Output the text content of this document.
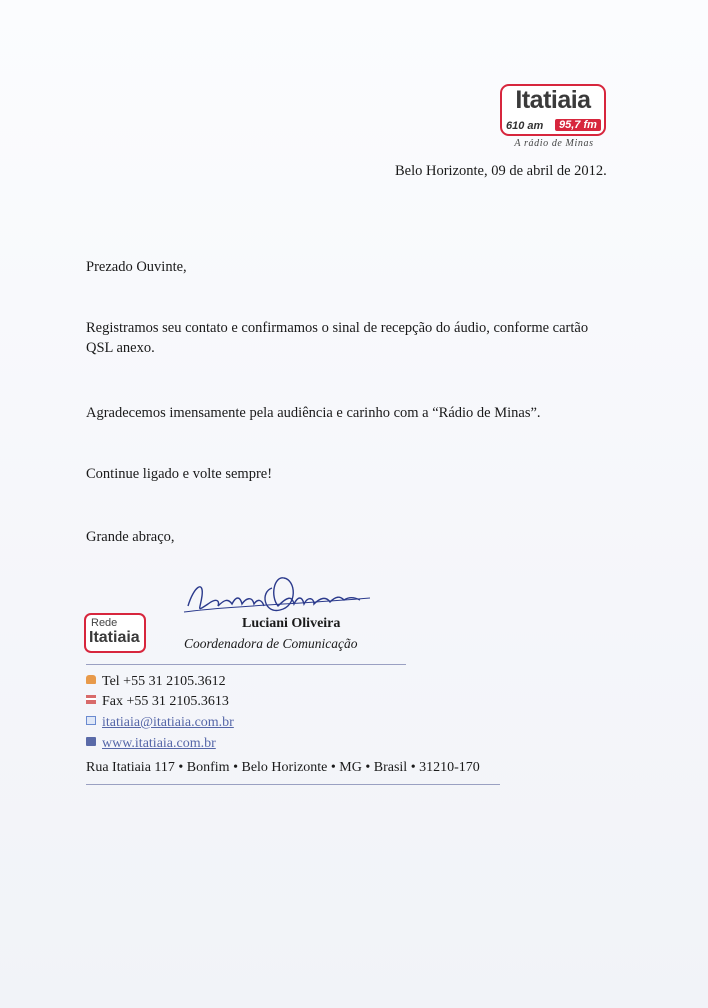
Itatiaia
610 am	95,7 fm
A rádio de Minas
Belo Horizonte, 09 de abril de 2012.
Prezado Ouvinte,
Registramos seu contato e confirmamos o sinal de recepção do áudio, conforme cartão QSL anexo.
Agradecemos imensamente pela audiência e carinho com a “Rádio de Minas”.
Continue ligado e volte sempre!
Grande abraço,
Luciani Oliveira
Coordenadora de Comunicação
Rede
Itatiaia
Tel +55 31 2105.3612
Fax +55 31 2105.3613
itatiaia@itatiaia.com.br
www.itatiaia.com.br
Rua Itatiaia 117 • Bonfim • Belo Horizonte • MG • Brasil • 31210-170
